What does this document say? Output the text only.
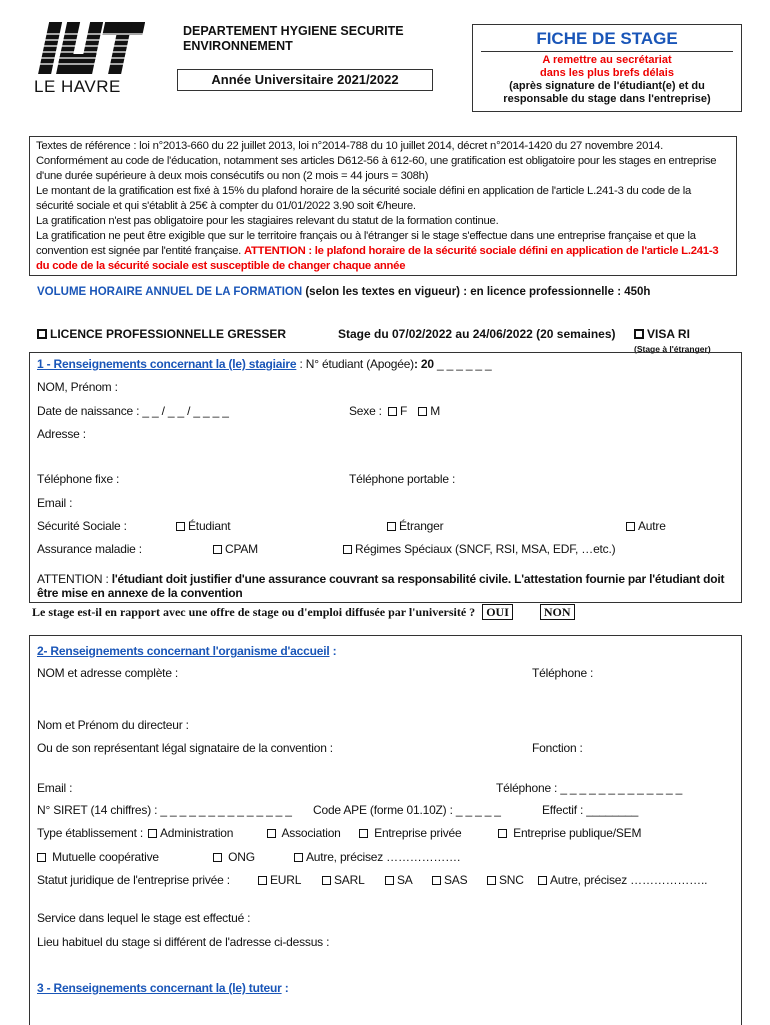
LE HAVRE
DEPARTEMENT HYGIENE SECURITE
ENVIRONNEMENT
Année Universitaire 2021/2022
FICHE DE STAGE
A remettre au secrétariat
dans les plus brefs délais
(après signature de l'étudiant(e) et du
responsable du stage dans l'entreprise)

Textes de référence : loi n°2013-660 du 22 juillet 2013, loi n°2014-788 du 10 juillet 2014, décret n°2014-1420 du 27 novembre 2014.

Conformément au code de l'éducation, notamment ses articles D612-56 à 612-60, une gratification est obligatoire pour les stages en entreprise d'une durée supérieure à deux mois consécutifs ou non (2 mois = 44 jours = 308h)

Le montant de la gratification est fixé à 15% du plafond horaire de la sécurité sociale défini en application de l'article L.241-3 du code de la sécurité sociale et qui s'établit à 25€ à compter du 01/01/2022 3.90 soit €/heure.

La gratification n'est pas obligatoire pour les stagiaires relevant du statut de la formation continue.

La gratification ne peut être exigible que sur le territoire français ou à l'étranger si le stage s'effectue dans une entreprise française et que la convention est signée par l'entité française. ATTENTION : le plafond horaire de la sécurité sociale défini en application de l'article L.241-3 du code de la sécurité sociale est susceptible de changer chaque année

VOLUME HORAIRE ANNUEL DE LA FORMATION (selon les textes en vigueur) : en licence professionnelle : 450h
LICENCE PROFESSIONNELLE GRESSER	Stage du 07/02/2022 au 24/06/2022 (20 semaines)	VISA RI
(Stage à l'étranger)
1 - Renseignements concernant la (le) stagiaire : N° étudiant (Apogée): 20 _ _ _ _ _ _
NOM, Prénom :
Date de naissance : _ _ / _ _ / _ _ _ _	Sexe : F M
Adresse :
Téléphone fixe :	Téléphone portable :
Email :
Sécurité Sociale :	Étudiant	Étranger	Autre
Assurance maladie :	CPAM	Régimes Spéciaux (SNCF, RSI, MSA, EDF, …etc.)
ATTENTION : l'étudiant doit justifier d'une assurance couvrant sa responsabilité civile. L'attestation fournie par l'étudiant doit
être mise en annexe de la convention
Le stage est-il en rapport avec une offre de stage ou d'emploi diffusée par l'université ? OUI	NON
2- Renseignements concernant l'organisme d'accueil :
NOM et adresse complète :	Téléphone :
Nom et Prénom du directeur :
Ou de son représentant légal signataire de la convention :	Fonction :
Email :	Téléphone : _ _ _ _ _ _ _ _ _ _ _ _ _
N° SIRET (14 chiffres) : _ _ _ _ _ _ _ _ _ _ _ _ _ _ Code APE (forme 01.10Z) : _ _ _ _ _	Effectif : ________
Type établissement :	Administration	Association	Entreprise privée	Entreprise publique/SEM
Mutuelle coopérative	ONG	Autre, précisez ……………….
Statut juridique de l'entreprise privée :	EURL	SARL	SA	SAS	SNC	Autre, précisez ………………..
Service dans lequel le stage est effectué :
Lieu habituel du stage si différent de l'adresse ci-dessus :
3 - Renseignements concernant la (le) tuteur :
